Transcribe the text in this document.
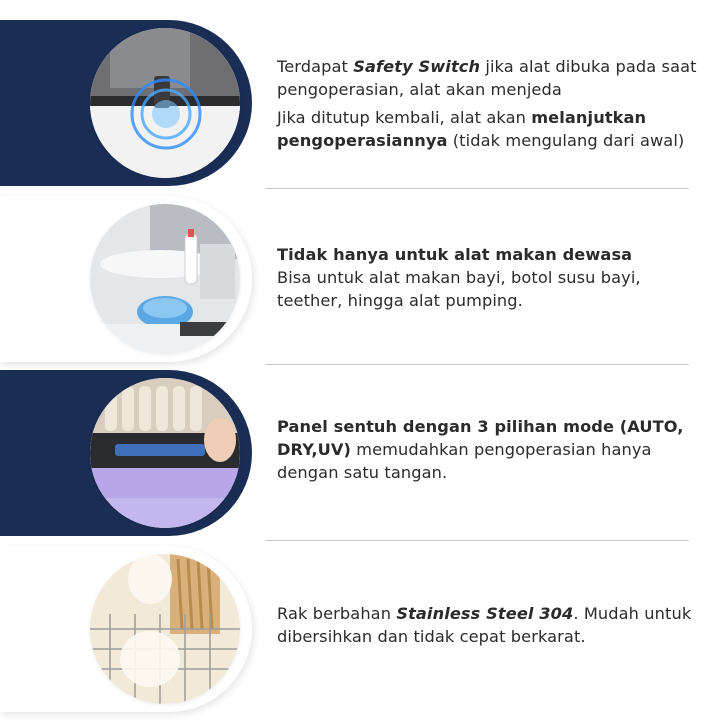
Terdapat Safety Switch jika alat dibuka pada saat pengoperasian, alat akan menjeda

Jika ditutup kembali, alat akan melanjutkan pengoperasiannya (tidak mengulang dari awal)

Tidak hanya untuk alat makan dewasa
Bisa untuk alat makan bayi, botol susu bayi, teether, hingga alat pumping.

Panel sentuh dengan 3 pilihan mode (AUTO, DRY,UV) memudahkan pengoperasian hanya dengan satu tangan.

Rak berbahan Stainless Steel 304. Mudah untuk dibersihkan dan tidak cepat berkarat.
